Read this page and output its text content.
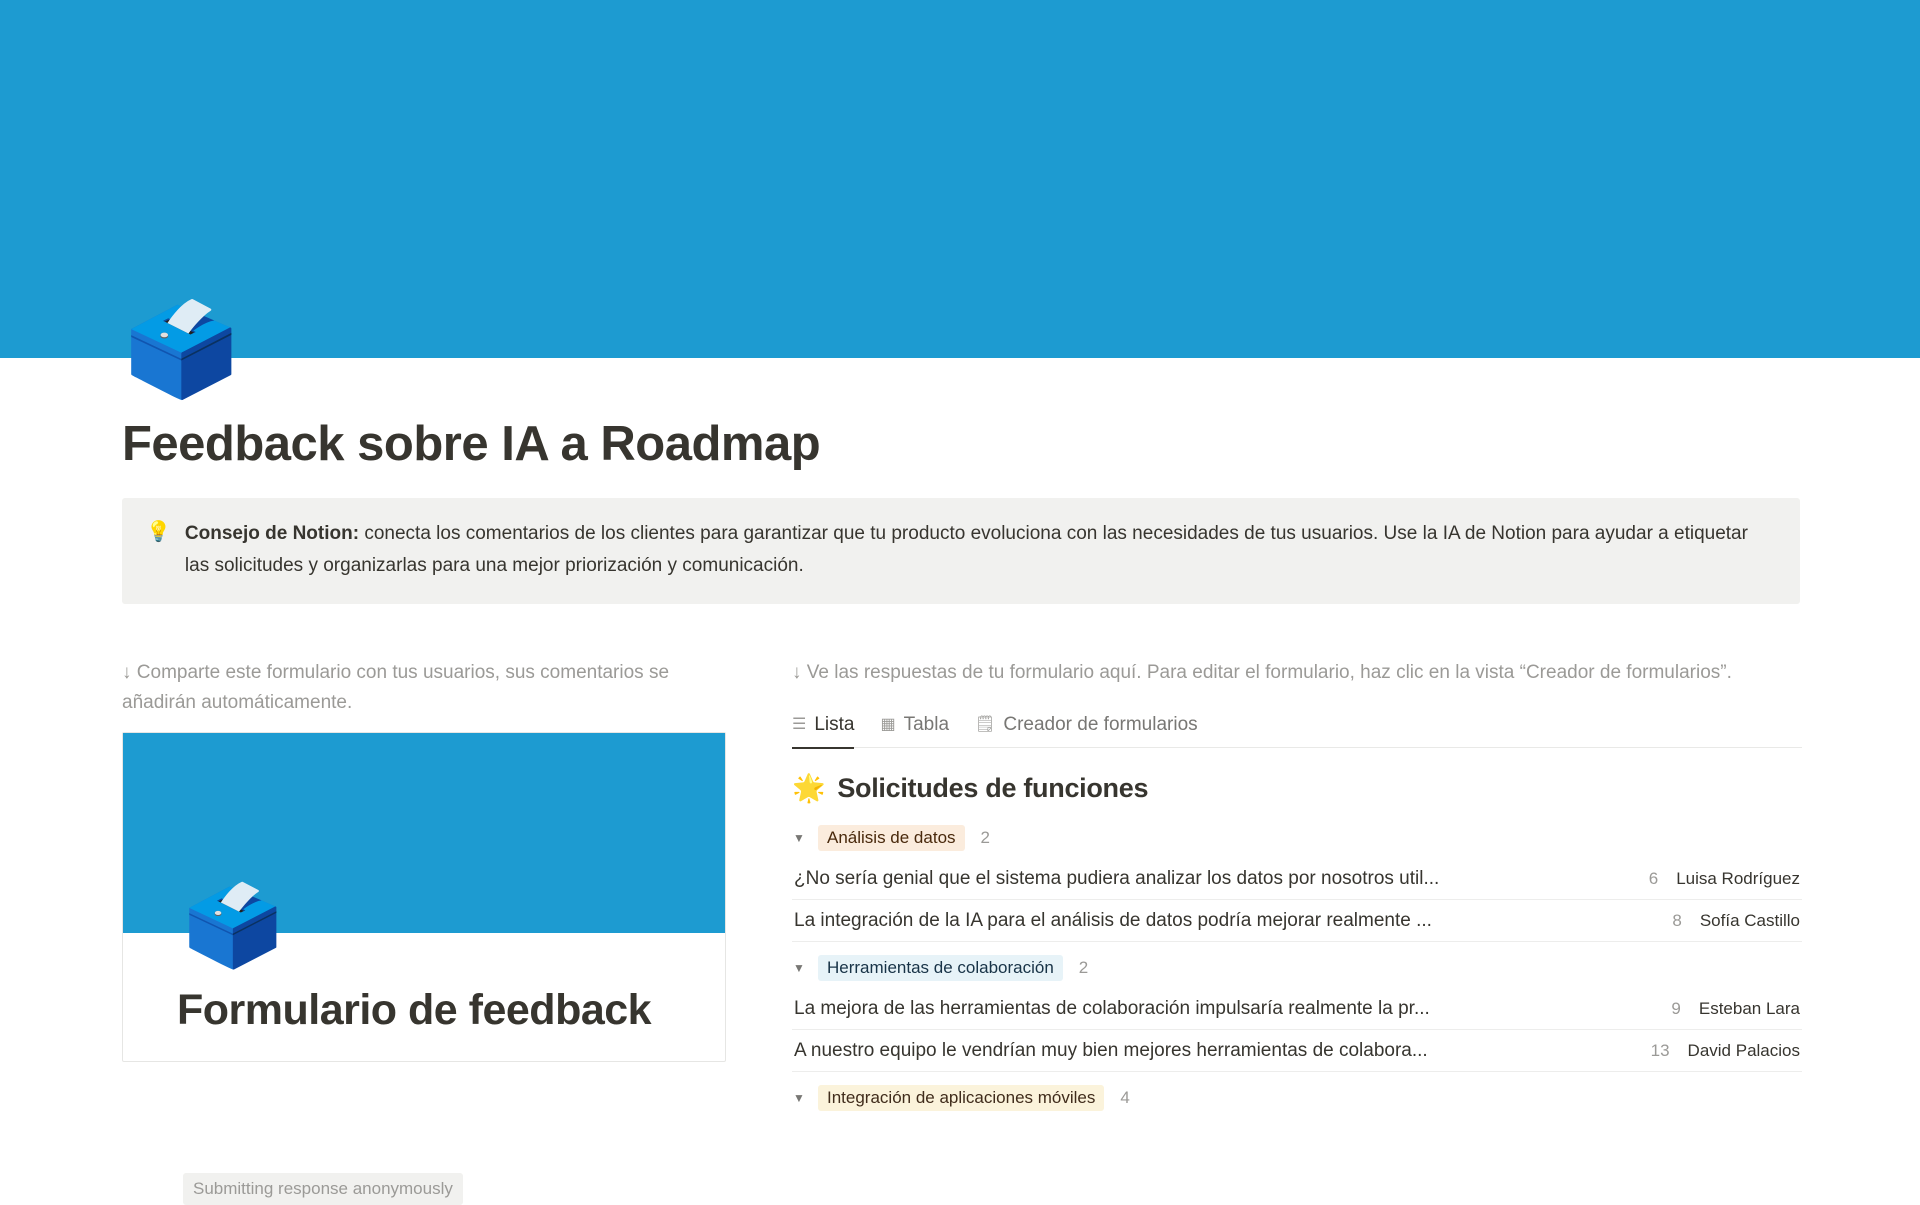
🗳️
Feedback sobre IA a Roadmap
💡 Consejo de Notion: conecta los comentarios de los clientes para garantizar que tu producto evoluciona con las necesidades de tus usuarios. Use la IA de Notion para ayudar a etiquetar las solicitudes y organizarlas para una mejor priorización y comunicación.
↓ Comparte este formulario con tus usuarios, sus comentarios se añadirán automáticamente.
🗳️
Formulario de feedback
Submitting response anonymously
↓ Ve las respuestas de tu formulario aquí. Para editar el formulario, haz clic en la vista “Creador de formularios”.
☰ Lista ▦ Tabla 🗒 Creador de formularios
🌟 Solicitudes de funciones
▼	Análisis de datos	2
¿No sería genial que el sistema pudiera analizar los datos por nosotros util...	6 Luisa Rodríguez
La integración de la IA para el análisis de datos podría mejorar realmente ...	8 Sofía Castillo
▼	Herramientas de colaboración	2
La mejora de las herramientas de colaboración impulsaría realmente la pr...	9 Esteban Lara
A nuestro equipo le vendrían muy bien mejores herramientas de colabora...	13 David Palacios
▼	Integración de aplicaciones móviles	4
